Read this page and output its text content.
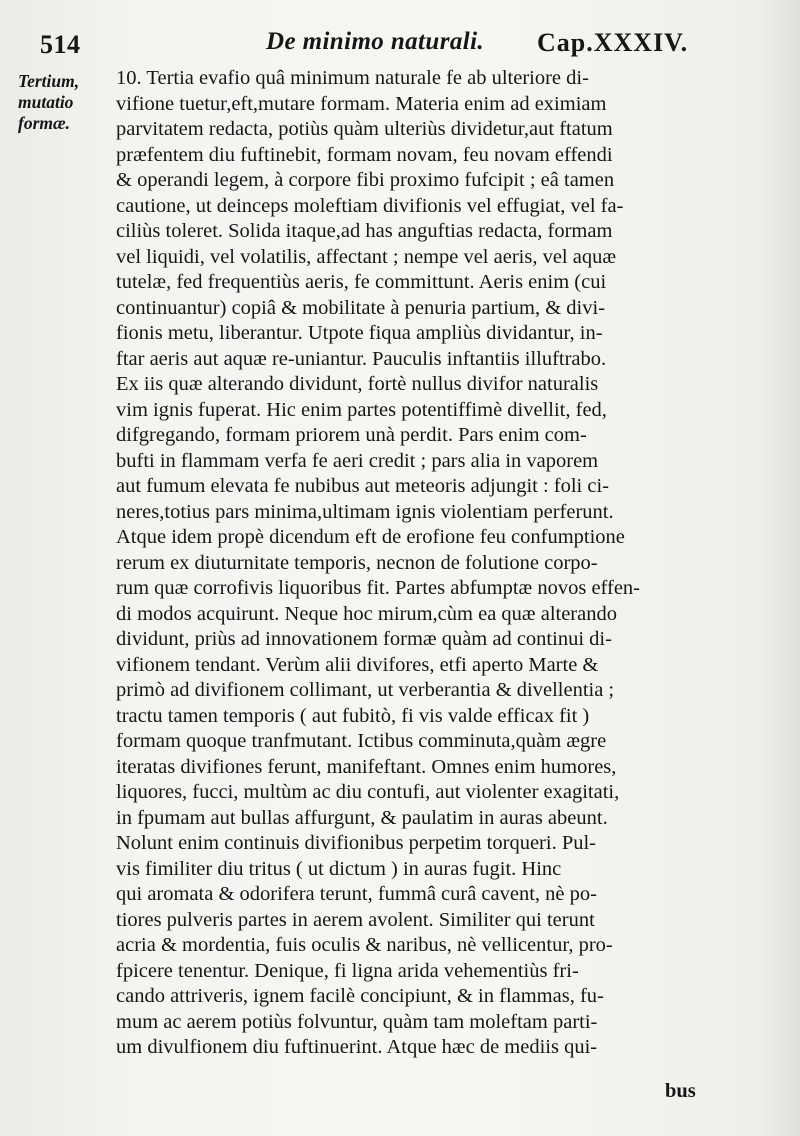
514	De minimo naturali. Cap.XXXIV.
Tertium,
mutatio
formæ.
10. Tertia evafio quâ minimum naturale fe ab ulteriore di-
vifione tuetur,eft,mutare formam. Materia enim ad eximiam
parvitatem redacta, potiùs quàm ulteriùs dividetur,aut ftatum
præfentem diu fuftinebit, formam novam, feu novam effendi
& operandi legem, à corpore fibi proximo fufcipit ; eâ tamen
cautione, ut deinceps moleftiam divifionis vel effugiat, vel fa-
ciliùs toleret. Solida itaque,ad has anguftias redacta, formam
vel liquidi, vel volatilis, affectant ; nempe vel aeris, vel aquæ
tutelæ, fed frequentiùs aeris, fe committunt. Aeris enim (cui
continuantur) copiâ & mobilitate à penuria partium, & divi-
fionis metu, liberantur. Utpote fiqua ampliùs dividantur, in-
ftar aeris aut aquæ re-uniantur. Pauculis inftantiis illuftrabo.
Ex iis quæ alterando dividunt, fortè nullus divifor naturalis
vim ignis fuperat. Hic enim partes potentiffimè divellit, fed,
difgregando, formam priorem unà perdit. Pars enim com-
bufti in flammam verfa fe aeri credit ; pars alia in vaporem
aut fumum elevata fe nubibus aut meteoris adjungit : foli ci-
neres,totius pars minima,ultimam ignis violentiam perferunt.
Atque idem propè dicendum eft de erofione feu confumptione
rerum ex diuturnitate temporis, necnon de folutione corpo-
rum quæ corrofivis liquoribus fit. Partes abfumptæ novos effen-
di modos acquirunt. Neque hoc mirum,cùm ea quæ alterando
dividunt, priùs ad innovationem formæ quàm ad continui di-
vifionem tendant. Verùm alii divifores, etfi aperto Marte &
primò ad divifionem collimant, ut verberantia & divellentia ;
tractu tamen temporis ( aut fubitò, fi vis valde efficax fit )
formam quoque tranfmutant. Ictibus comminuta,quàm ægre
iteratas divifiones ferunt, manifeftant. Omnes enim humores,
liquores, fucci, multùm ac diu contufi, aut violenter exagitati,
in fpumam aut bullas affurgunt, & paulatim in auras abeunt.
Nolunt enim continuis divifionibus perpetim torqueri. Pul-
vis fimiliter diu tritus ( ut dictum ) in auras fugit. Hinc
qui aromata & odorifera terunt, fummâ curâ cavent, nè po-
tiores pulveris partes in aerem avolent. Similiter qui terunt
acria & mordentia, fuis oculis & naribus, nè vellicentur, pro-
fpicere tenentur. Denique, fi ligna arida vehementiùs fri-
cando attriveris, ignem facilè concipiunt, & in flammas, fu-
mum ac aerem potiùs folvuntur, quàm tam moleftam parti-
um divulfionem diu fuftinuerint. Atque hæc de mediis qui-
bus
